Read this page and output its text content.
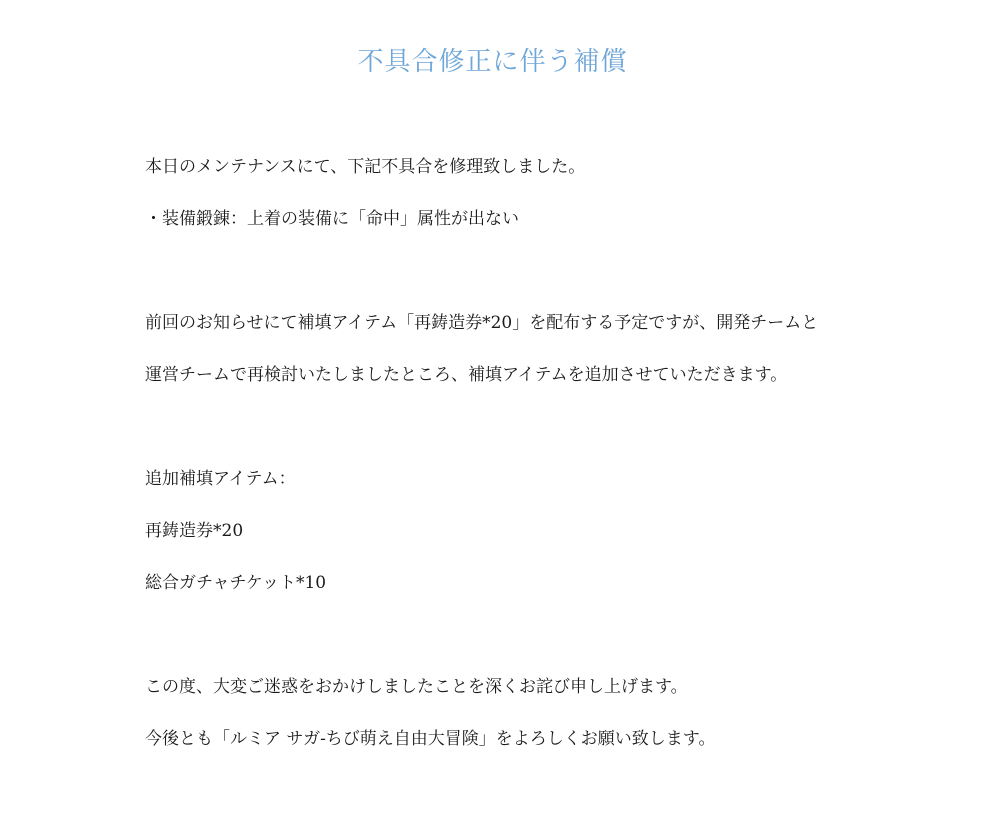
不具合修正に伴う補償
本日のメンテナンスにて、下記不具合を修理致しました。
・装備鍛錬：上着の装備に「命中」属性が出ない
前回のお知らせにて補填アイテム「再鋳造券*20」を配布する予定ですが、開発チームと
運営チームで再検討いたしましたところ、補填アイテムを追加させていただきます。
追加補填アイテム：
再鋳造券*20
総合ガチャチケット*10
この度、大変ご迷惑をおかけしましたことを深くお詫び申し上げます。
今後とも「ルミア サガ-ちび萌え自由大冒険」をよろしくお願い致します。
